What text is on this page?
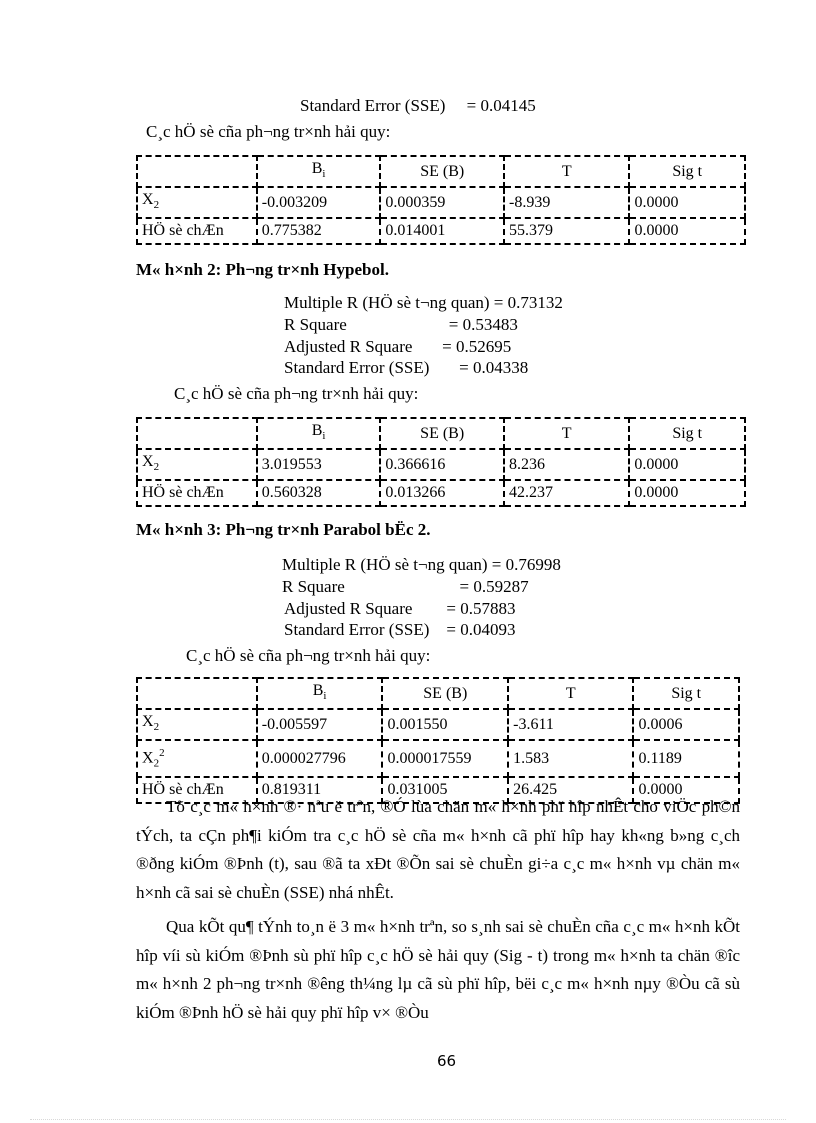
Standard Error (SSE)     = 0.04145
C¸c hÖ sè cña ph¬ng tr×nh hải quy:
	$B_i$	SE (B)	T	Sig t
$X_2$	-0.003209	0.000359	-8.939	0.0000
HÖ sè chÆn	0.775382	0.014001	55.379	0.0000
M« h×nh 2: Ph¬ng tr×nh Hypebol.
Multiple R (HÖ sè t¬ng quan) = 0.73132
R Square                        = 0.53483
Adjusted R Square       = 0.52695
Standard Error (SSE)       = 0.04338
C¸c hÖ sè cña ph¬ng tr×nh hải quy:
	$B_i$	SE (B)	T	Sig t
$X_2$	3.019553	0.366616	8.236	0.0000
HÖ sè chÆn	0.560328	0.013266	42.237	0.0000
M« h×nh 3: Ph¬ng tr×nh Parabol bËc 2.
Multiple R (HÖ sè t¬ng quan) = 0.76998
R Square                           = 0.59287
Adjusted R Square        = 0.57883
Standard Error (SSE)    = 0.04093
C¸c hÖ sè cña ph¬ng tr×nh hải quy:
	$B_i$	SE (B)	T	Sig t
$X_2$	-0.005597	0.001550	-3.611	0.0006
$X_2^2$	0.000027796	0.000017559	1.583	0.1189
HÖ sè chÆn	0.819311	0.031005	26.425	0.0000

Tõ c¸c m« h×nh ®· nªu ë trªn, ®Ó lùa chän m« h×nh phï hîp nhÊt cho viÖc ph©n tÝch, ta cÇn ph¶i kiÓm tra c¸c hÖ sè cña m« h×nh cã phï hîp hay kh«ng b»ng c¸ch ®ðng kiÓm ®Þnh (t), sau ®ã ta xÐt ®Õn sai sè chuÈn gi÷a c¸c m« h×nh vµ chän m« h×nh cã sai sè chuÈn (SSE) nhá nhÊt.

Qua kÕt qu¶ tÝnh to¸n ë 3 m« h×nh trªn, so s¸nh sai sè chuÈn cña c¸c m« h×nh kÕt hîp víi sù kiÓm ®Þnh sù phï hîp c¸c hÖ sè hải quy (Sig - t) trong m« h×nh ta chän ®îc m« h×nh 2 ph¬ng tr×nh ®êng th¼ng lµ cã sù phï hîp, bëi c¸c m« h×nh nµy ®Òu cã sù kiÓm ®Þnh hÖ sè hải quy phï hîp v× ®Òu

66
